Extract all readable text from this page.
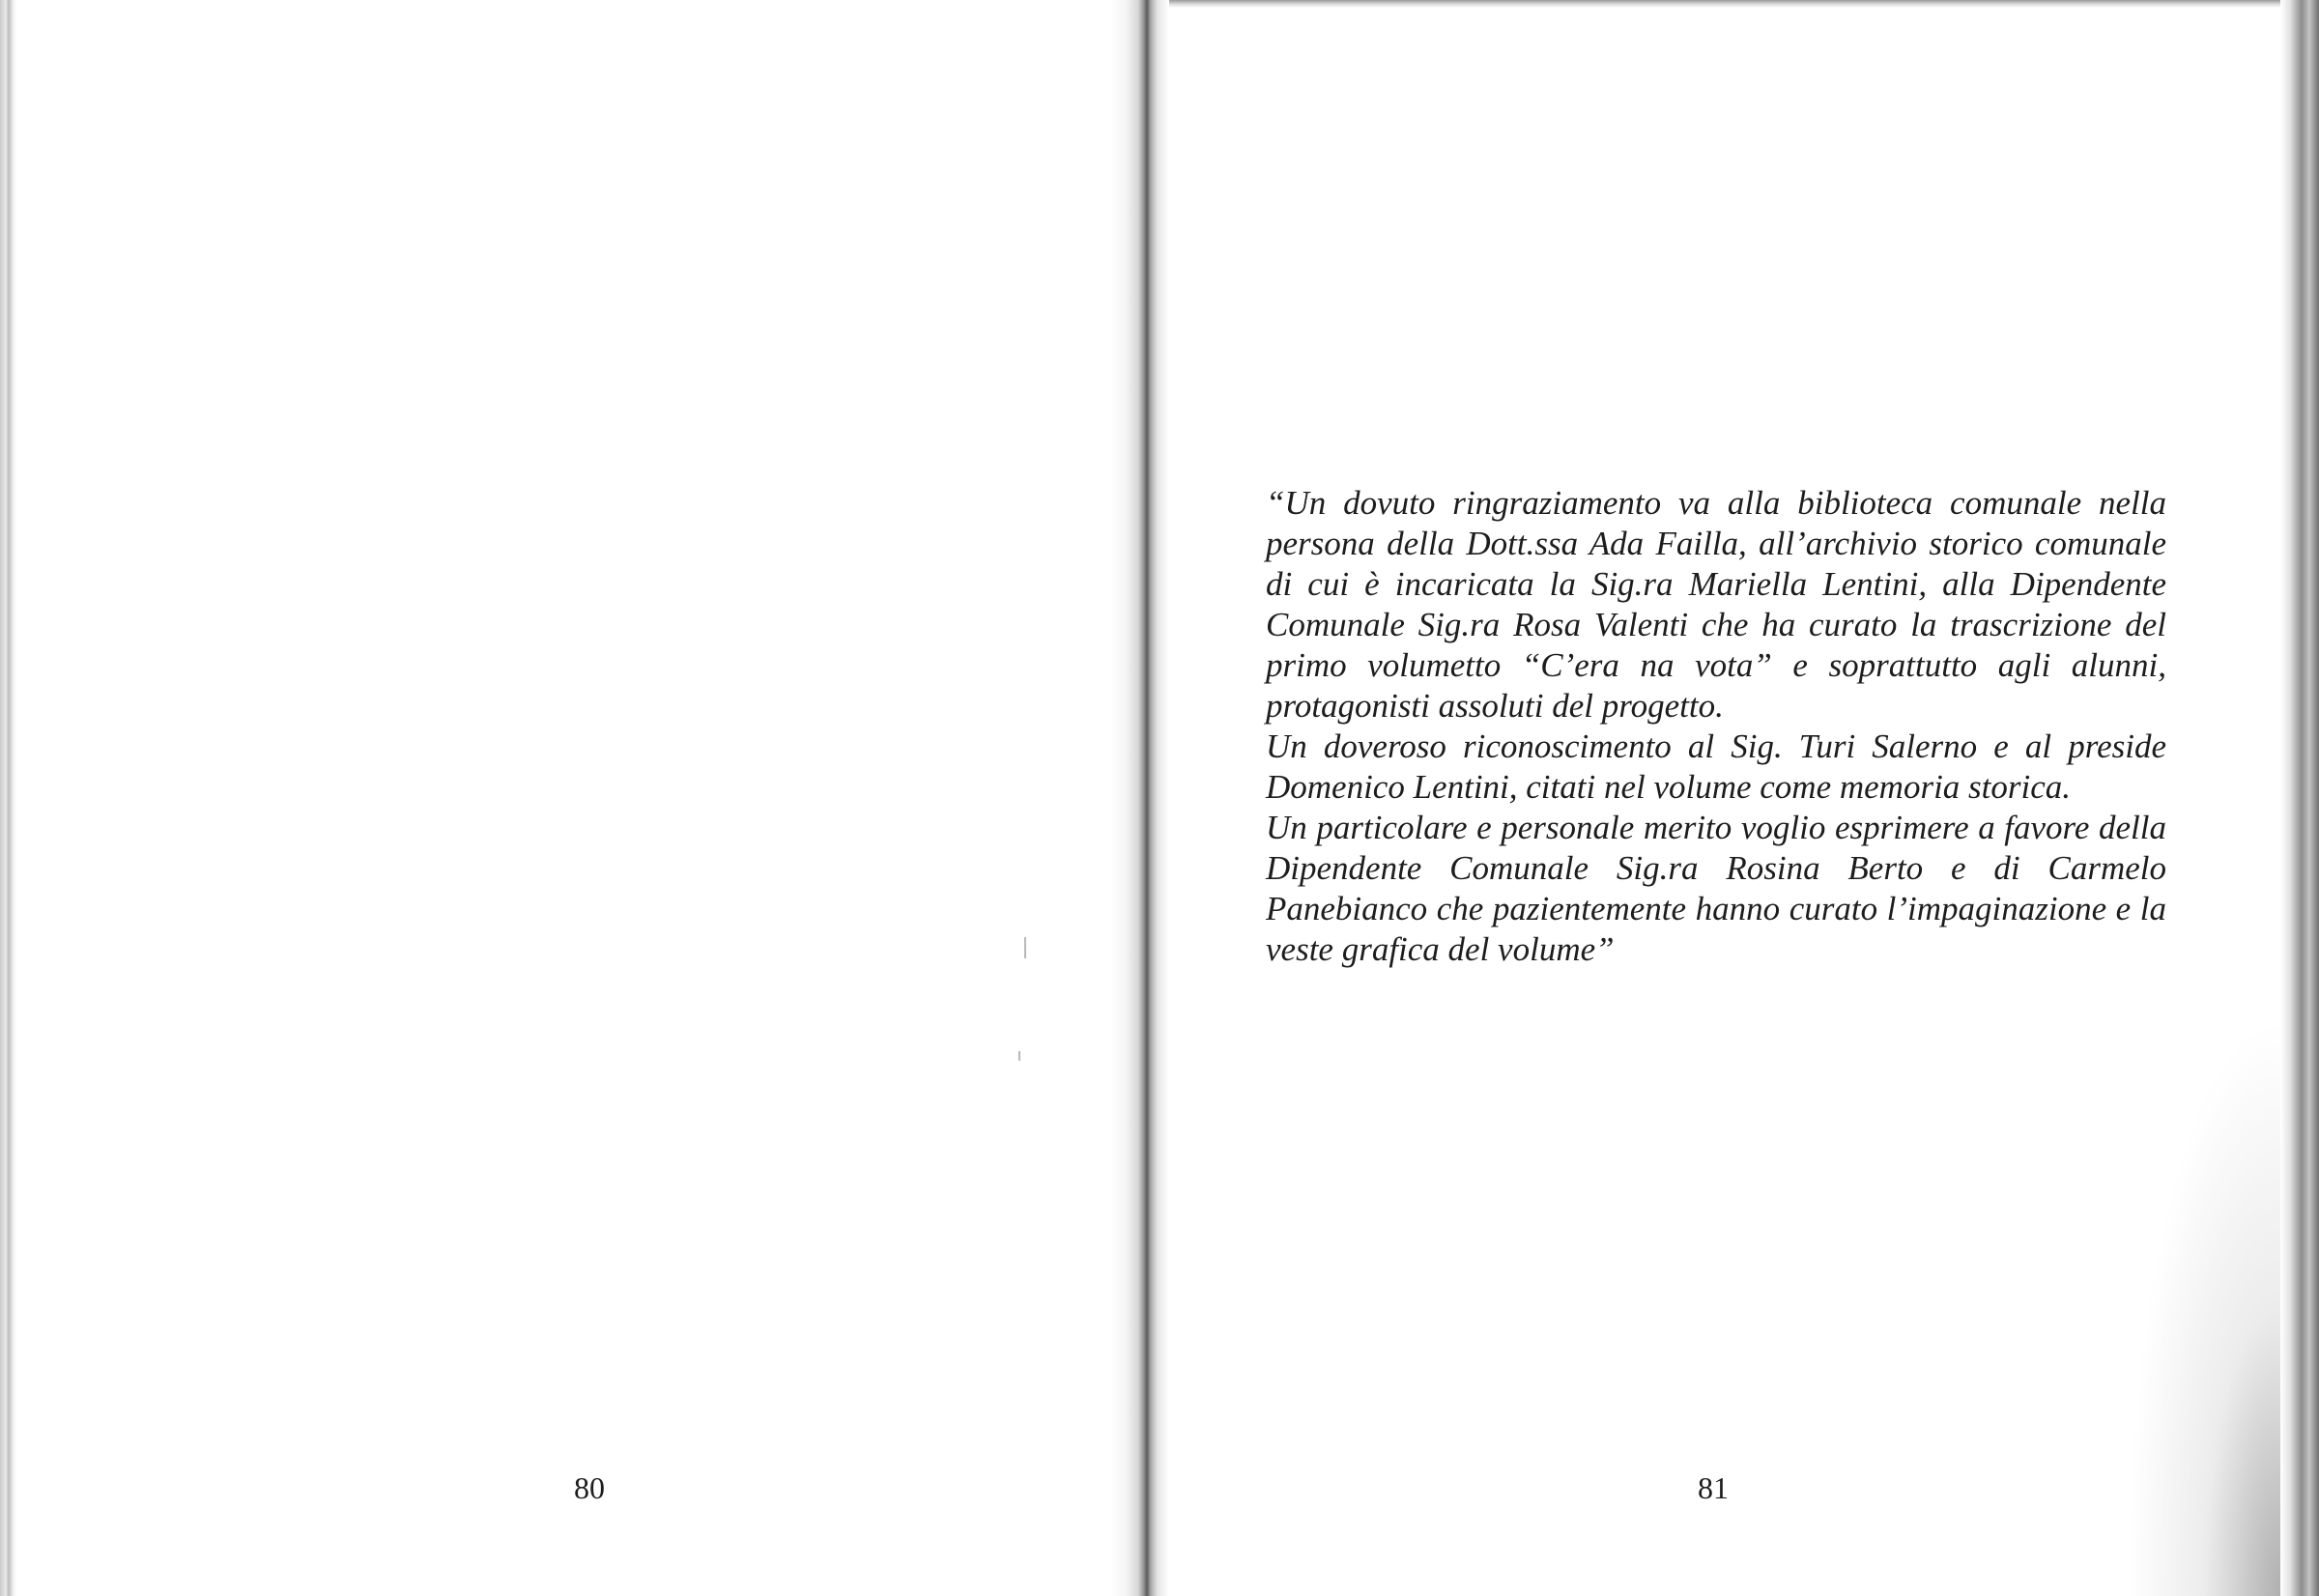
80

“Un dovuto ringraziamento va alla biblioteca comunale nella persona della Dott.ssa Ada Failla, all’archivio storico comunale di cui è incaricata la Sig.ra Mariella Lentini, alla Dipendente Comunale Sig.ra Rosa Valenti che ha curato la trascrizione del primo volumetto “C’era na vota” e soprattutto agli alunni, protagonisti assoluti del progetto.

Un doveroso riconoscimento al Sig. Turi Salerno e al preside Domenico Lentini, citati nel volume come memoria storica.

Un particolare e personale merito voglio esprimere a favore della Dipendente Comunale Sig.ra Rosina Berto e di Carmelo Panebianco che pazientemente hanno curato l’impaginazione e la veste grafica del volume”

81
